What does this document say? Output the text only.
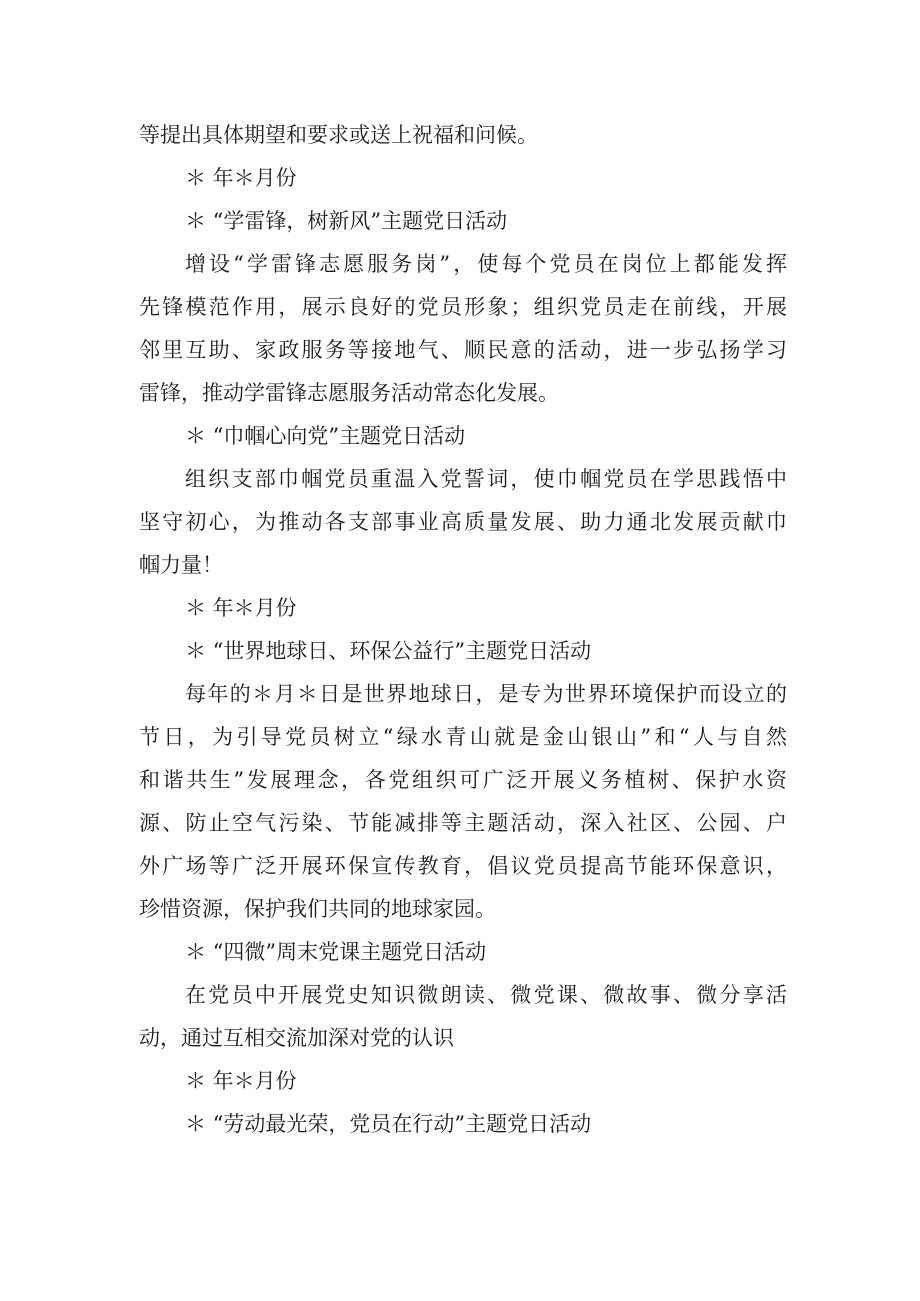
等提出具体期望和要求或送上祝福和问候。
＊ 年＊月份
＊ “学雷锋，树新风”主题党日活动
增设“学雷锋志愿服务岗”，使每个党员在岗位上都能发挥
先锋模范作用，展示良好的党员形象；组织党员走在前线，开展
邻里互助、家政服务等接地气、顺民意的活动，进一步弘扬学习
雷锋，推动学雷锋志愿服务活动常态化发展。
＊ “巾帼心向党”主题党日活动
组织支部巾帼党员重温入党誓词，使巾帼党员在学思践悟中
坚守初心，为推动各支部事业高质量发展、助力通北发展贡献巾
帼力量！
＊ 年＊月份
＊ “世界地球日、环保公益行”主题党日活动
每年的＊月＊日是世界地球日，是专为世界环境保护而设立的
节日，为引导党员树立“绿水青山就是金山银山”和“人与自然
和谐共生”发展理念，各党组织可广泛开展义务植树、保护水资
源、防止空气污染、节能减排等主题活动，深入社区、公园、户
外广场等广泛开展环保宣传教育，倡议党员提高节能环保意识，
珍惜资源，保护我们共同的地球家园。
＊ “四微”周末党课主题党日活动
在党员中开展党史知识微朗读、微党课、微故事、微分享活
动，通过互相交流加深对党的认识
＊ 年＊月份
＊ “劳动最光荣，党员在行动”主题党日活动
